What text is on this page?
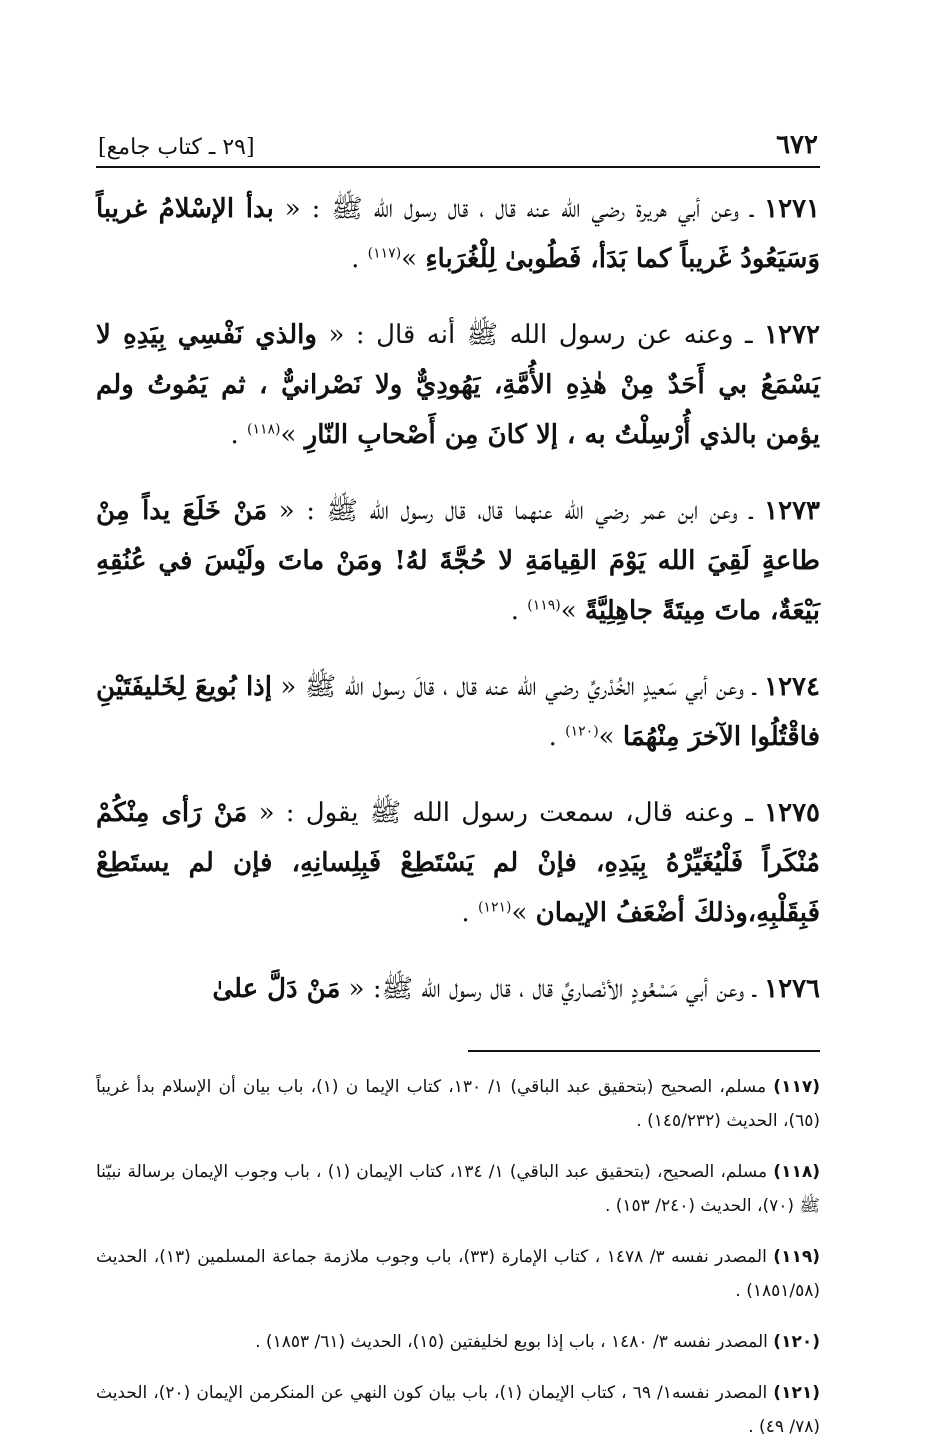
٦٧٢
[٢٩ ـ كتاب جامع]

١٢٧١ ـ وعن أبي هريرة رضي الله عنه قال ، قال رسول الله ﷺ : « بدأ الإسْلامُ غريباً وَسَيَعُودُ غَريباً كما بَدَأ، فَطُوبىٰ لِلْغُرَباءِ »$^{(١١٧)}$ .

١٢٧٢ ـ وعنه عن رسول الله ﷺ أنه قال : « والذي نَفْسِي بِيَدِهِ لا يَسْمَعُ بي أَحَدٌ مِنْ هٰذِهِ الأُمَّةِ، يَهُودِيٌّ ولا نَصْرانيٌّ ، ثم يَمُوتُ ولم يؤمن بالذي أُرْسِلْتُ به ، إلا كانَ مِن أَصْحابِ النّارِ »$^{(١١٨)}$ .

١٢٧٣ ـ وعن ابن عمر رضي الله عنهما قال، قال رسول الله ﷺ : « مَنْ خَلَعَ يداً مِنْ طاعةٍ لَقِيَ الله يَوْمَ القِيامَةِ لا حُجَّةَ لهُ! ومَنْ ماتَ ولَيْسَ في عُنُقِهِ بَيْعَةٌ، ماتَ مِيتَةً جاهِلِيَّةً »$^{(١١٩)}$ .

١٢٧٤ ـ وعن أبي سَعيدٍ الخُدْريِّ رضي الله عنه قال ، قالَ رسول الله ﷺ « إذا بُويعَ لِخَليفَتَيْنِ فاقْتُلُوا الآخرَ مِنْهُمَا »$^{(١٢٠)}$ .

١٢٧٥ ـ وعنه قال، سمعت رسول الله ﷺ يقول : « مَنْ رَأى مِنْكُمْ مُنْكَراً فَلْيُغَيِّرْهُ بِيَدِهِ، فإنْ لم يَسْتَطِعْ فَبِلِسانِهِ، فإن لم يستَطِعْ فَبِقَلْبِهِ،وذلكَ أضْعَفُ الإيمان »$^{(١٢١)}$ .

١٢٧٦ ـ وعن أبي مَسْعُودٍ الأنْصاريِّ قال ، قال رسول الله ﷺ: « مَنْ دَلَّ علىٰ

(١١٧) مسلم، الصحيح (بتحقيق عبد الباقي) ١/ ١٣٠، كتاب الإيما ن (١)، باب بيان أن الإسلام بدأ غريباً (٦٥)، الحديث (١٤٥/٢٣٢) .

(١١٨) مسلم، الصحيح، (بتحقيق عبد الباقي) ١/ ١٣٤، كتاب الإيمان (١) ، باب وجوب الإيمان برسالة نبيّنا ﷺ (٧٠)، الحديث (٢٤٠/ ١٥٣) .

(١١٩) المصدر نفسه ٣/ ١٤٧٨ ، كتاب الإمارة (٣٣)، باب وجوب ملازمة جماعة المسلمين (١٣)، الحديث (١٨٥١/٥٨) .

(١٢٠) المصدر نفسه ٣/ ١٤٨٠ ، باب إذا بويع لخليفتين (١٥)، الحديث (٦١/ ١٨٥٣) .

(١٢١) المصدر نفسه١/ ٦٩ ، كتاب الإيمان (١)، باب بيان كون النهي عن المنكرمن الإيمان (٢٠)، الحديث (٧٨/ ٤٩) .
